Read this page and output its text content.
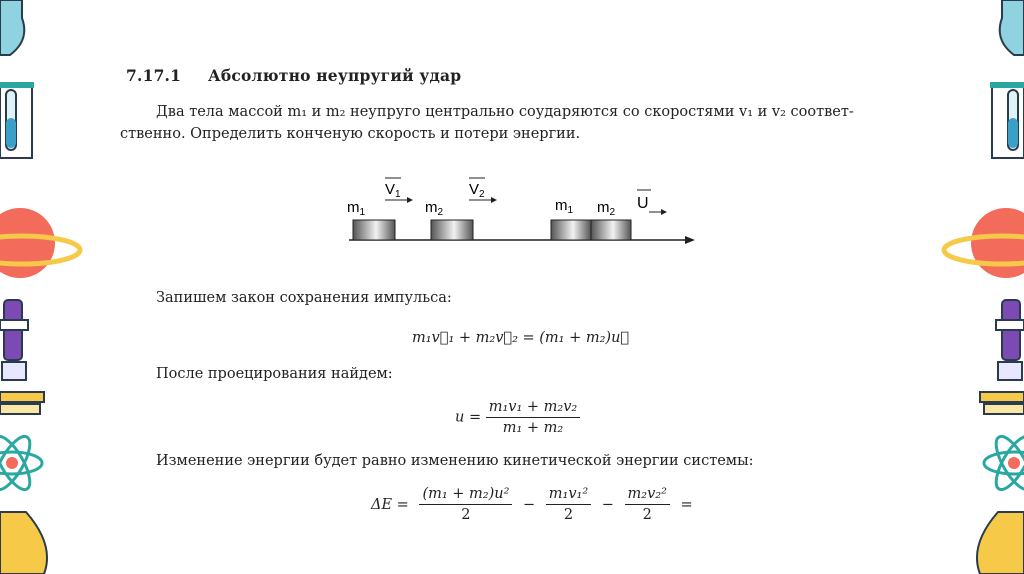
7.17.1 Абсолютно неупругий удар
Два тела массой m₁ и m₂ неупруго центрально соударяются со скоростями v₁ и v₂ соответ-
ственно. Определить конченую скорость и потери энергии.
$m_1$
$V_1$
$m_2$
$V_2$
$m_1$ $m_2$
U
Запишем закон сохранения импульса:
m₁v⃗₁ + m₂v⃗₂ = (m₁ + m₂)u⃗
После проецирования найдем:
$u = \frac{\text{m₁v₁ + m₂v₂}}{\text{m₁ + m₂}}$
Изменение энергии будет равно изменению кинетической энергии системы:
$\Delta E = \frac{\text{(m₁ + m₂)u²}}{2} - \frac{\text{m₁v₁²}}{2} - \frac{\text{m₂v₂²}}{2}$ =
